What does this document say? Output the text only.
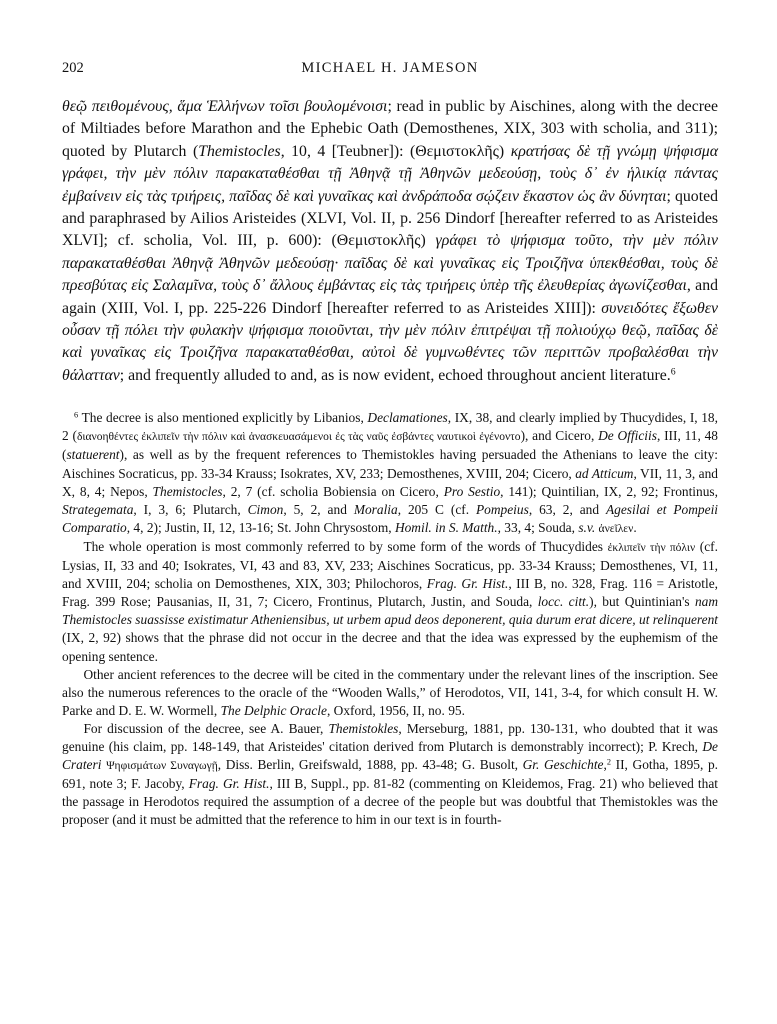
202	MICHAEL H. JAMESON

θεῷ πειθομένους, ἅμα Ἑλλήνων τοῖσι βουλομένοισι; read in public by Aischines, along with the decree of Miltiades before Marathon and the Ephebic Oath (Demosthenes, XIX, 303 with scholia, and 311); quoted by Plutarch (Themistocles, 10, 4 [Teubner]): (Θεμιστοκλῆς) κρατήσας δὲ τῇ γνώμῃ ψήφισμα γράφει, τὴν μὲν πόλιν παρακαταθέσθαι τῇ Ἀθηνᾷ τῇ Ἀθηνῶν μεδεούσῃ, τοὺς δ᾽ ἐν ἡλικίᾳ πάντας ἐμβαίνειν εἰς τὰς τριήρεις, παῖδας δὲ καὶ γυναῖκας καὶ ἀνδράποδα σῴζειν ἕκαστον ὡς ἂν δύνηται; quoted and paraphrased by Ailios Aristeides (XLVI, Vol. II, p. 256 Dindorf [hereafter referred to as Aristeides XLVI]; cf. scholia, Vol. III, p. 600): (Θεμιστοκλῆς) γράφει τὸ ψήφισμα τοῦτο, τὴν μὲν πόλιν παρακαταθέσθαι Ἀθηνᾷ Ἀθηνῶν μεδεούσῃ· παῖδας δὲ καὶ γυναῖκας εἰς Τροιζῆνα ὑπεκθέσθαι, τοὺς δὲ πρεσβύτας εἰς Σαλαμῖνα, τοὺς δ᾽ ἄλλους ἐμβάντας εἰς τὰς τριήρεις ὑπὲρ τῆς ἐλευθερίας ἀγωνίζεσθαι, and again (XIII, Vol. I, pp. 225-226 Dindorf [hereafter referred to as Aristeides XIII]): συνειδότες ἔξωθεν οὖσαν τῇ πόλει τὴν φυλακὴν ψήφισμα ποιοῦνται, τὴν μὲν πόλιν ἐπιτρέψαι τῇ πολιούχῳ θεῷ, παῖδας δὲ καὶ γυναῖκας εἰς Τροιζῆνα παρακαταθέσθαι, αὐτοὶ δὲ γυμνωθέντες τῶν περιττῶν προβαλέσθαι τὴν θάλατταν; and frequently alluded to and, as is now evident, echoed throughout ancient literature.$^6$

$^6$ The decree is also mentioned explicitly by Libanios, Declamationes, IX, 38, and clearly implied by Thucydides, I, 18, 2 (διανοηθέντες ἐκλιπεῖν τὴν πόλιν καὶ ἀνασκευασάμενοι ἐς τὰς ναῦς ἐσβάντες ναυτικοὶ ἐγένοντο), and Cicero, De Officiis, III, 11, 48 (statuerent), as well as by the frequent references to Themistokles having persuaded the Athenians to leave the city: Aischines Socraticus, pp. 33-34 Krauss; Isokrates, XV, 233; Demosthenes, XVIII, 204; Cicero, ad Atticum, VII, 11, 3, and X, 8, 4; Nepos, Themistocles, 2, 7 (cf. scholia Bobiensia on Cicero, Pro Sestio, 141); Quintilian, IX, 2, 92; Frontinus, Strategemata, I, 3, 6; Plutarch, Cimon, 5, 2, and Moralia, 205 C (cf. Pompeius, 63, 2, and Agesilai et Pompeii Comparatio, 4, 2); Justin, II, 12, 13-16; St. John Chrysostom, Homil. in S. Matth., 33, 4; Souda, s.v. ἀνεῖλεν.

The whole operation is most commonly referred to by some form of the words of Thucydides ἐκλιπεῖν τὴν πόλιν (cf. Lysias, II, 33 and 40; Isokrates, VI, 43 and 83, XV, 233; Aischines Socraticus, pp. 33-34 Krauss; Demosthenes, VI, 11, and XVIII, 204; scholia on Demosthenes, XIX, 303; Philochoros, Frag. Gr. Hist., III B, no. 328, Frag. 116 = Aristotle, Frag. 399 Rose; Pausanias, II, 31, 7; Cicero, Frontinus, Plutarch, Justin, and Souda, locc. citt.), but Quintinian's nam Themistocles suassisse existimatur Atheniensibus, ut urbem apud deos deponerent, quia durum erat dicere, ut relinquerent (IX, 2, 92) shows that the phrase did not occur in the decree and that the idea was expressed by the euphemism of the opening sentence.

Other ancient references to the decree will be cited in the commentary under the relevant lines of the inscription. See also the numerous references to the oracle of the “Wooden Walls,” of Herodotos, VII, 141, 3-4, for which consult H. W. Parke and D. E. W. Wormell, The Delphic Oracle, Oxford, 1956, II, no. 95.

For discussion of the decree, see A. Bauer, Themistokles, Merseburg, 1881, pp. 130-131, who doubted that it was genuine (his claim, pp. 148-149, that Aristeides' citation derived from Plutarch is demonstrably incorrect); P. Krech, De Crateri Ψηφισμάτων Συναγωγῇ, Diss. Berlin, Greifswald, 1888, pp. 43-48; G. Busolt, Gr. Geschichte,$^2$ II, Gotha, 1895, p. 691, note 3; F. Jacoby, Frag. Gr. Hist., III B, Suppl., pp. 81-82 (commenting on Kleidemos, Frag. 21) who believed that the passage in Herodotos required the assumption of a decree of the people but was doubtful that Themistokles was the proposer (and it must be admitted that the reference to him in our text is in fourth-
